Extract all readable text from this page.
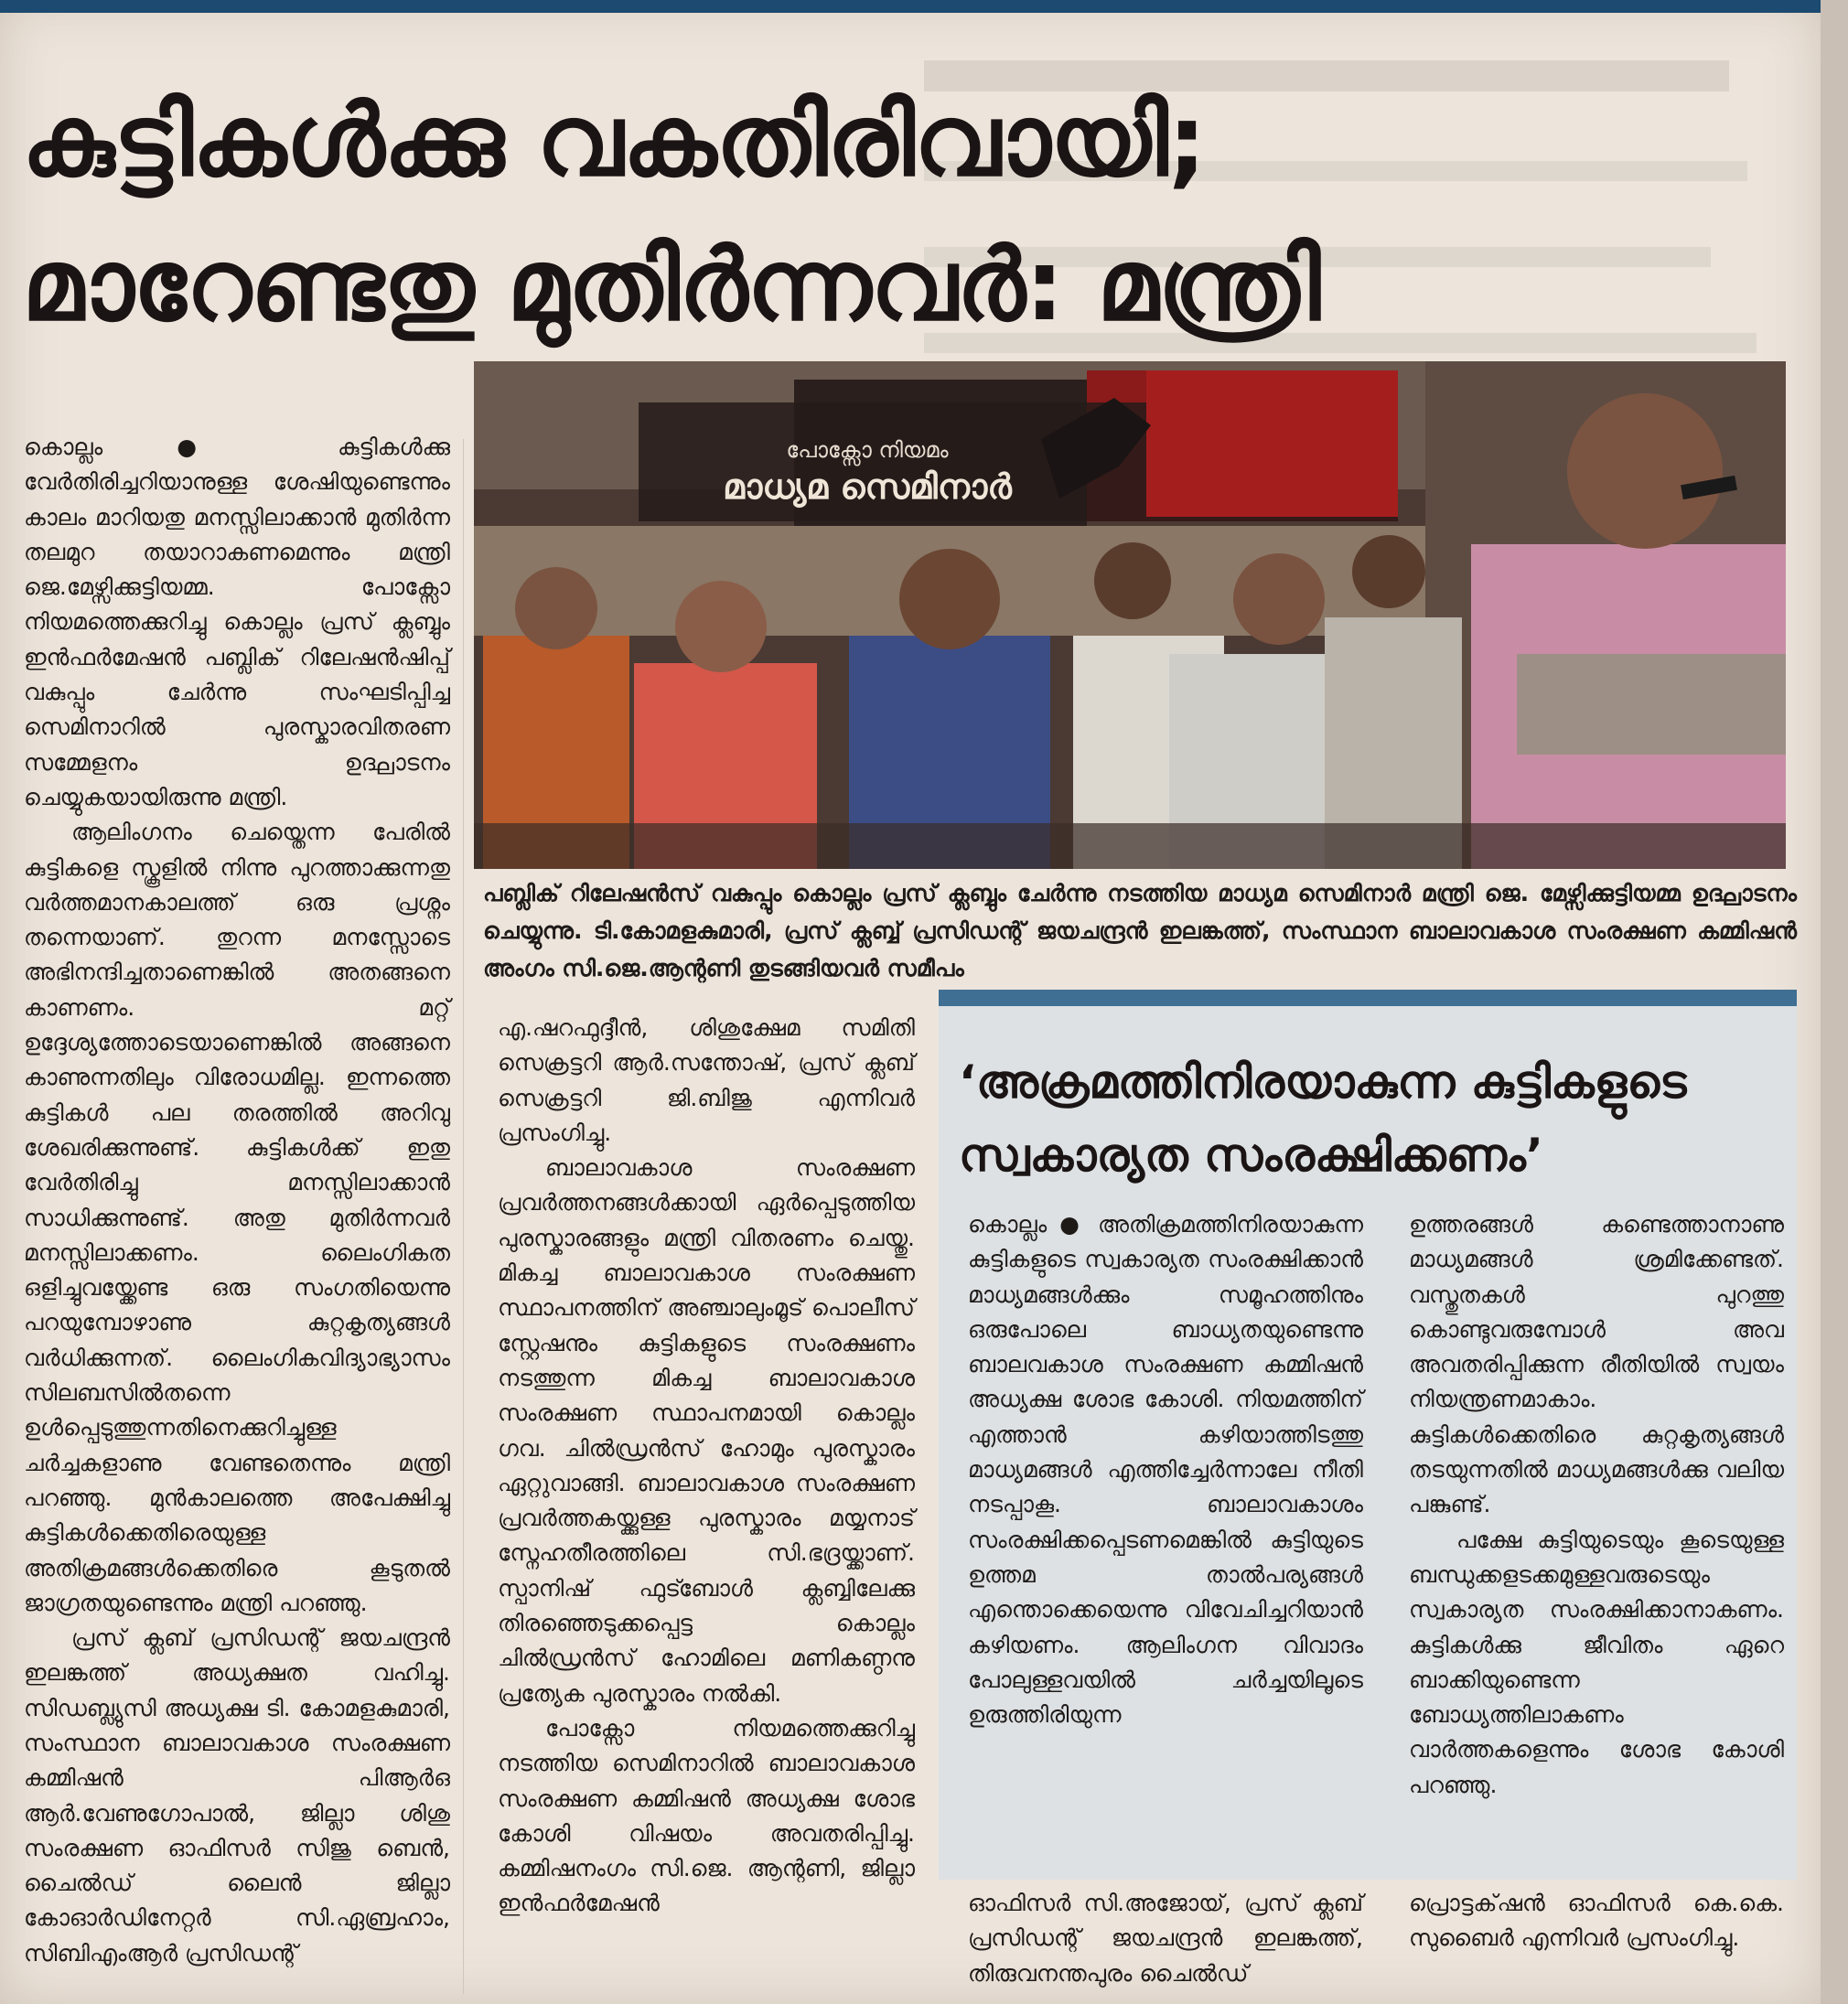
കുട്ടികൾക്കു വകതിരിവായി;
മാറേണ്ടതു മുതിർന്നവർ: മന്ത്രി

കൊല്ലം ● കുട്ടികൾക്കു വേർതിരിച്ചറിയാനുള്ള ശേഷിയുണ്ടെന്നും കാലം മാറിയതു മനസ്സിലാക്കാൻ മുതിർന്ന തലമുറ തയാറാകണമെന്നും മന്ത്രി ജെ.മേഴ്സിക്കുട്ടിയമ്മ. പോക്സോ നിയമത്തെക്കുറിച്ചു കൊല്ലം പ്രസ് ക്ലബ്ബും ഇൻഫർമേഷൻ പബ്ലിക് റിലേഷൻഷിപ്പ് വകുപ്പും ചേർന്നു സംഘടിപ്പിച്ച സെമിനാറിൽ പുരസ്കാരവിതരണ സമ്മേളനം ഉദ്ഘാടനം ചെയ്യുകയായിരുന്നു മന്ത്രി.

ആലിംഗനം ചെയ്തെന്ന പേരിൽ കുട്ടികളെ സ്കൂളിൽ നിന്നു പുറത്താക്കുന്നതു വർത്തമാനകാലത്ത് ഒരു പ്രശ്നം തന്നെയാണ്. തുറന്ന മനസ്സോടെ അഭിനന്ദിച്ചതാണെങ്കിൽ അതങ്ങനെ കാണണം. മറ്റ് ഉദ്ദേശ്യത്തോടെയാണെങ്കിൽ അങ്ങനെ കാണുന്നതിലും വിരോധമില്ല. ഇന്നത്തെ കുട്ടികൾ പല തരത്തിൽ അറിവു ശേഖരിക്കുന്നുണ്ട്. കുട്ടികൾക്ക് ഇതു വേർതിരിച്ചു മനസ്സിലാക്കാൻ സാധിക്കുന്നുണ്ട്. അതു മുതിർന്നവർ മനസ്സിലാക്കണം. ലൈംഗികത ഒളിച്ചുവയ്ക്കേണ്ട ഒരു സംഗതിയെന്നു പറയുമ്പോഴാണു കുറ്റകൃത്യങ്ങൾ വർധിക്കുന്നത്. ലൈംഗികവിദ്യാഭ്യാസം സിലബസിൽതന്നെ ഉൾപ്പെടുത്തുന്നതിനെക്കുറിച്ചുള്ള ചർച്ചകളാണു വേണ്ടതെന്നും മന്ത്രി പറഞ്ഞു. മുൻകാലത്തെ അപേക്ഷിച്ചു കുട്ടികൾക്കെതിരെയുള്ള അതിക്രമങ്ങൾക്കെതിരെ കൂടുതൽ ജാഗ്രതയുണ്ടെന്നും മന്ത്രി പറഞ്ഞു.

പ്രസ് ക്ലബ് പ്രസിഡന്റ് ജയചന്ദ്രൻ ഇലങ്കത്ത് അധ്യക്ഷത വഹിച്ചു. സിഡബ്ല്യുസി അധ്യക്ഷ ടി. കോമളകുമാരി, സംസ്ഥാന ബാലാവകാശ സംരക്ഷണ കമ്മിഷൻ പിആർഒ ആർ.വേണുഗോപാൽ, ജില്ലാ ശിശു സംരക്ഷണ ഓഫിസർ സിജു ബെൻ, ചൈൽഡ് ലൈൻ ജില്ലാ കോഓർഡിനേറ്റർ സി.ഏബ്രഹാം, സിബിഎംആർ പ്രസിഡന്റ്

പോക്സോ നിയമം
മാധ്യമ സെമിനാർ
പബ്ലിക് റിലേഷൻസ് വകുപ്പും കൊല്ലം പ്രസ് ക്ലബ്ബും ചേർന്നു നടത്തിയ മാധ്യമ സെമിനാർ മന്ത്രി ജെ. മേഴ്സിക്കുട്ടിയമ്മ ഉദ്ഘാടനം ചെയ്യുന്നു. ടി.കോമളകുമാരി, പ്രസ് ക്ലബ്ബ് പ്രസിഡന്റ് ജയചന്ദ്രൻ ഇലങ്കത്ത്, സംസ്ഥാന ബാലാവകാശ സംരക്ഷണ കമ്മിഷൻ അംഗം സി.ജെ.ആന്റണി തുടങ്ങിയവർ സമീപം

എ.ഷറഫുദ്ദീൻ, ശിശുക്ഷേമ സമിതി സെക്രട്ടറി ആർ.സന്തോഷ്, പ്രസ് ക്ലബ് സെക്രട്ടറി ജി.ബിജു എന്നിവർ പ്രസംഗിച്ചു.

ബാലാവകാശ സംരക്ഷണ പ്രവർത്തനങ്ങൾക്കായി ഏർപ്പെടുത്തിയ പുരസ്കാരങ്ങളും മന്ത്രി വിതരണം ചെയ്തു. മികച്ച ബാലാവകാശ സംരക്ഷണ സ്ഥാപനത്തിന് അഞ്ചാലുംമൂട് പൊലീസ് സ്റ്റേഷനും കുട്ടികളുടെ സംരക്ഷണം നടത്തുന്ന മികച്ച ബാലാവകാശ സംരക്ഷണ സ്ഥാപനമായി കൊല്ലം ഗവ. ചിൽഡ്രൻസ് ഹോമും പുരസ്കാരം ഏറ്റുവാങ്ങി. ബാലാവകാശ സംരക്ഷണ പ്രവർത്തകയ്ക്കുള്ള പുരസ്കാരം മയ്യനാട് സ്നേഹതീരത്തിലെ സി.ഭദ്രയ്ക്കാണ്. സ്പാനിഷ് ഫുട്ബോൾ ക്ലബ്ബിലേക്കു തിരഞ്ഞെടുക്കപ്പെട്ട കൊല്ലം ചിൽഡ്രൻസ് ഹോമിലെ മണികണ്ഠനു പ്രത്യേക പുരസ്കാരം നൽകി.

പോക്സോ നിയമത്തെക്കുറിച്ചു നടത്തിയ സെമിനാറിൽ ബാലാവകാശ സംരക്ഷണ കമ്മിഷൻ അധ്യക്ഷ ശോഭ കോശി വിഷയം അവതരിപ്പിച്ചു. കമ്മിഷനംഗം സി.ജെ. ആന്റണി, ജില്ലാ ഇൻഫർമേഷൻ

‘അക്രമത്തിനിരയാകുന്ന കുട്ടികളുടെ സ്വകാര്യത സംരക്ഷിക്കണം’

കൊല്ലം ● അതിക്രമത്തിനിരയാകുന്ന കുട്ടികളുടെ സ്വകാര്യത സംരക്ഷിക്കാൻ മാധ്യമങ്ങൾക്കും സമൂഹത്തിനും ഒരുപോലെ ബാധ്യതയുണ്ടെന്നു ബാലവകാശ സംരക്ഷണ കമ്മിഷൻ അധ്യക്ഷ ശോഭ കോശി. നിയമത്തിന് എത്താൻ കഴിയാത്തിടത്തു മാധ്യമങ്ങൾ എത്തിച്ചേർന്നാലേ നീതി നടപ്പാകൂ. ബാലാവകാശം സംരക്ഷിക്കപ്പെടണമെങ്കിൽ കുട്ടിയുടെ ഉത്തമ താൽപര്യങ്ങൾ എന്തൊക്കെയെന്നു വിവേചിച്ചറിയാൻ കഴിയണം. ആലിംഗന വിവാദം പോലുള്ളവയിൽ ചർച്ചയിലൂടെ ഉരുത്തിരിയുന്ന

ഉത്തരങ്ങൾ കണ്ടെത്താനാണു മാധ്യമങ്ങൾ ശ്രമിക്കേണ്ടത്. വസ്തുതകൾ പുറത്തു കൊണ്ടുവരുമ്പോൾ അവ അവതരിപ്പിക്കുന്ന രീതിയിൽ സ്വയം നിയന്ത്രണമാകാം. കുട്ടികൾക്കെതിരെ കുറ്റകൃത്യങ്ങൾ തടയുന്നതിൽ മാധ്യമങ്ങൾക്കു വലിയ പങ്കുണ്ട്.

പക്ഷേ കുട്ടിയുടെയും കൂടെയുള്ള ബന്ധുക്കളടക്കമുള്ളവരുടെയും സ്വകാര്യത സംരക്ഷിക്കാനാകണം. കുട്ടികൾക്കു ജീവിതം ഏറെ ബാക്കിയുണ്ടെന്ന ബോധ്യത്തിലാകണം വാർത്തകളെന്നും ശോഭ കോശി പറഞ്ഞു.

ഓഫിസർ സി.അജോയ്, പ്രസ് ക്ലബ് പ്രസിഡന്റ് ജയചന്ദ്രൻ ഇലങ്കത്ത്, തിരുവനന്തപുരം ചൈൽഡ്
പ്രൊട്ടക്‌ഷൻ ഓഫിസർ കെ.കെ. സുബൈർ എന്നിവർ പ്രസംഗിച്ചു.
